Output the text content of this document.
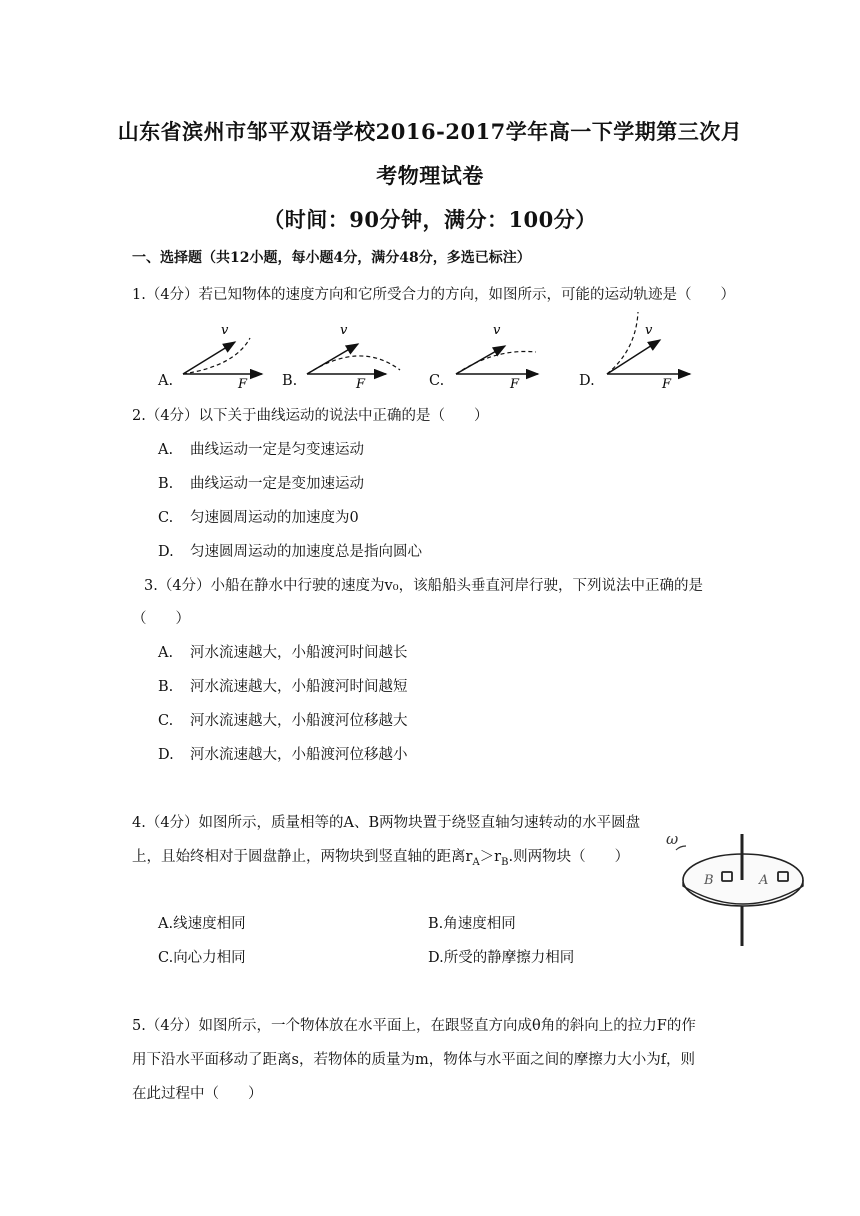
山东省滨州市邹平双语学校2016-2017学年高一下学期第三次月
考物理试卷
（时间：90分钟，满分：100分）
一、选择题（共12小题，每小题4分，满分48分，多选已标注）
1.（4分）若已知物体的速度方向和它所受合力的方向，如图所示，可能的运动轨迹是（　　）
A.	B.	C.	D.
v
F
v
F
v
F
v
F
2.（4分）以下关于曲线运动的说法中正确的是（　　）
A. 曲线运动一定是匀变速运动
B. 曲线运动一定是变加速运动
C. 匀速圆周运动的加速度为0
D. 匀速圆周运动的加速度总是指向圆心
3.（4分）小船在静水中行驶的速度为v₀，该船船头垂直河岸行驶，下列说法中正确的是
（　　）
A. 河水流速越大，小船渡河时间越长
B. 河水流速越大，小船渡河时间越短
C. 河水流速越大，小船渡河位移越大
D. 河水流速越大，小船渡河位移越小
4.（4分）如图所示，质量相等的A、B两物块置于绕竖直轴匀速转动的水平圆盘
上，且始终相对于圆盘静止，两物块到竖直轴的距离$r_A>r_B$.则两物块（　　）
B	A
ω
A.线速度相同	B.角速度相同
C.向心力相同	D.所受的静摩擦力相同
5.（4分）如图所示，一个物体放在水平面上，在跟竖直方向成θ角的斜向上的拉力F的作
用下沿水平面移动了距离s，若物体的质量为m，物体与水平面之间的摩擦力大小为f，则
在此过程中（　　）
